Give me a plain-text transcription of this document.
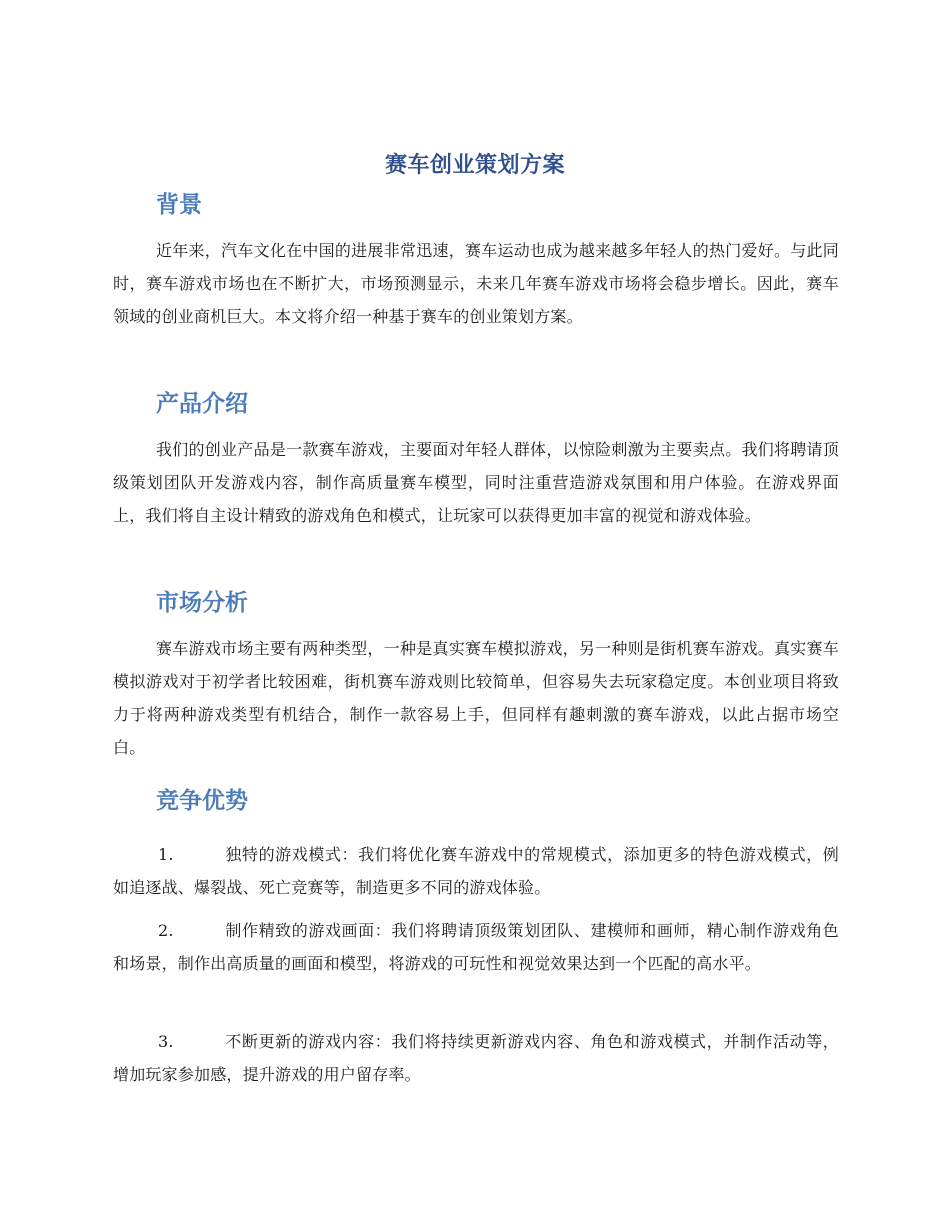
赛车创业策划方案
背景

近年来，汽车文化在中国的进展非常迅速，赛车运动也成为越来越多年轻人的热门爱好。与此同时，赛车游戏市场也在不断扩大，市场预测显示，未来几年赛车游戏市场将会稳步增长。因此，赛车领域的创业商机巨大。本文将介绍一种基于赛车的创业策划方案。

产品介绍

我们的创业产品是一款赛车游戏，主要面对年轻人群体，以惊险刺激为主要卖点。我们将聘请顶级策划团队开发游戏内容，制作高质量赛车模型，同时注重营造游戏氛围和用户体验。在游戏界面上，我们将自主设计精致的游戏角色和模式，让玩家可以获得更加丰富的视觉和游戏体验。

市场分析

赛车游戏市场主要有两种类型，一种是真实赛车模拟游戏，另一种则是街机赛车游戏。真实赛车模拟游戏对于初学者比较困难，街机赛车游戏则比较简单，但容易失去玩家稳定度。本创业项目将致力于将两种游戏类型有机结合，制作一款容易上手，但同样有趣刺激的赛车游戏，以此占据市场空白。

竞争优势

1.	独特的游戏模式：我们将优化赛车游戏中的常规模式，添加更多的特色游戏模式，例如追逐战、爆裂战、死亡竞赛等，制造更多不同的游戏体验。

2.	制作精致的游戏画面：我们将聘请顶级策划团队、建模师和画师，精心制作游戏角色和场景，制作出高质量的画面和模型，将游戏的可玩性和视觉效果达到一个匹配的高水平。

3.	不断更新的游戏内容：我们将持续更新游戏内容、角色和游戏模式，并制作活动等，增加玩家参加感，提升游戏的用户留存率。
